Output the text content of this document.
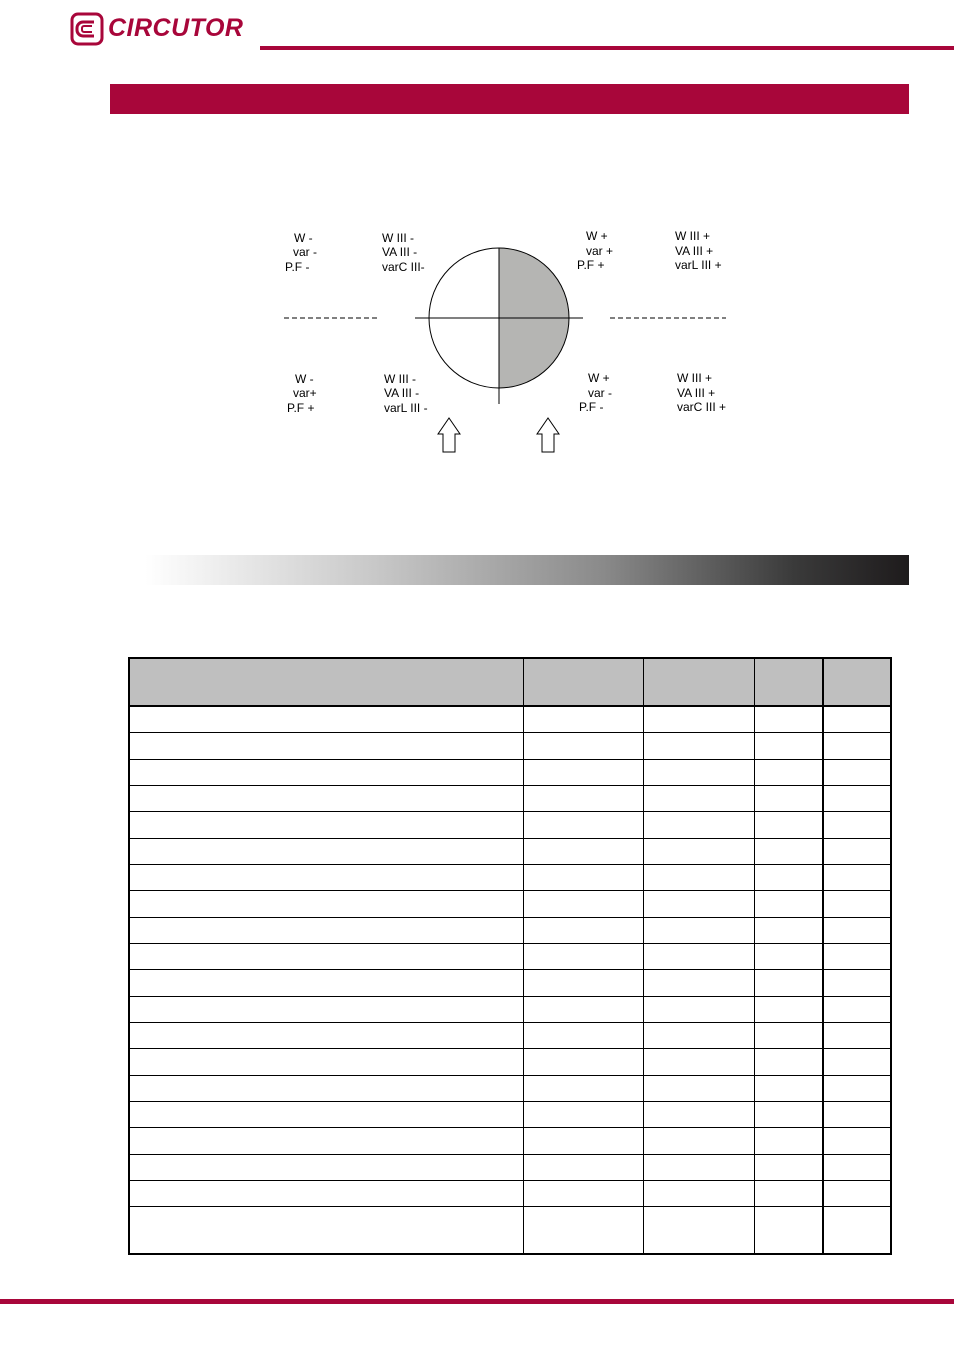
CIRCUTOR
W -
var -
P.F -
W III -
VA III -
varC III-
W +
var +
P.F +
W III +
VA III +
varL III +
W -
var+
P.F +
W III -
VA III -
varL III -
W +
var -
P.F -
W III +
VA III +
varC III +
